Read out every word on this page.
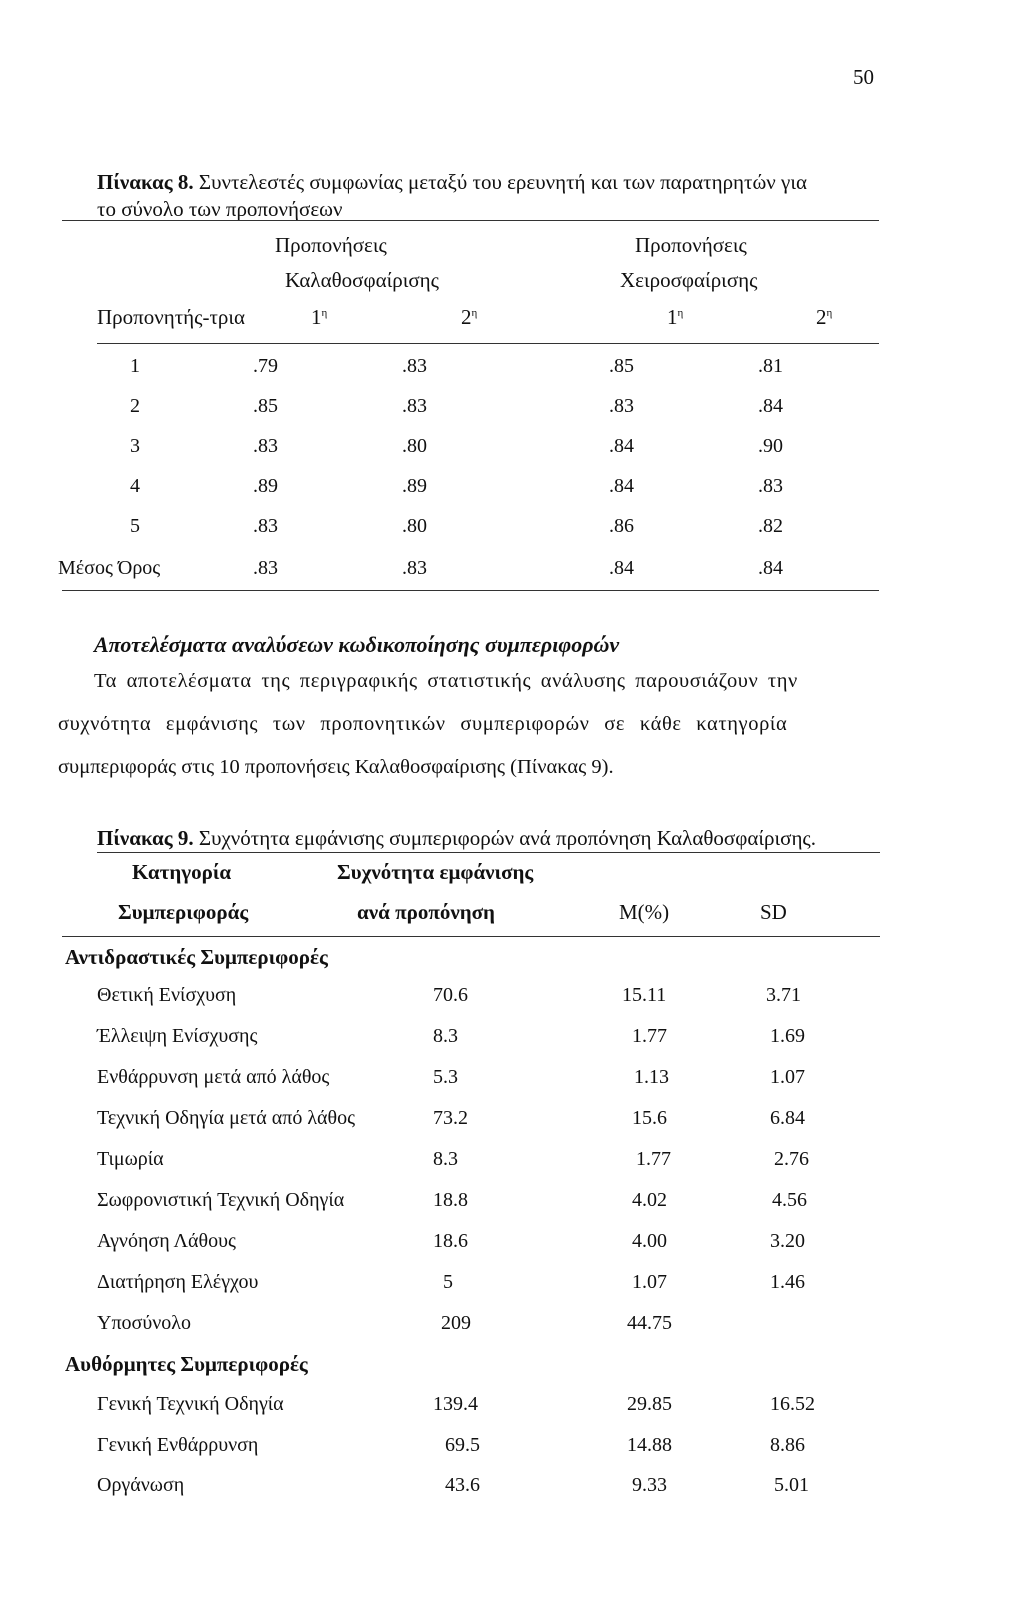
50
Πίνακας 8. Συντελεστές συμφωνίας μεταξύ του ερευνητή και των παρατηρητών για
το σύνολο των προπονήσεων
Προπονήσεις
Καλαθοσφαίρισης
Προπονήσεις
Χειροσφαίρισης
Προπονητής-τρια	$1^\eta$	$2^\eta$	$1^\eta$	$2^\eta$
1	.79	.83	.85	.81
2	.85	.83	.83	.84
3	.83	.80	.84	.90
4	.89	.89	.84	.83
5	.83	.80	.86	.82
Μέσος Όρος	.83	.83	.84	.84
Αποτελέσματα αναλύσεων κωδικοποίησης συμπεριφορών
Τα αποτελέσματα της περιγραφικής στατιστικής ανάλυσης παρουσιάζουν την
συχνότητα εμφάνισης των προπονητικών συμπεριφορών σε κάθε κατηγορία
συμπεριφοράς στις 10 προπονήσεις Καλαθοσφαίρισης (Πίνακας 9).
Πίνακας 9. Συχνότητα εμφάνισης συμπεριφορών ανά προπόνηση Καλαθοσφαίρισης.
Κατηγορία
Συμπεριφοράς
Συχνότητα εμφάνισης
ανά προπόνηση	Μ(%)	SD
Αντιδραστικές Συμπεριφορές
Θετική Ενίσχυση	70.6	15.11	3.71
Έλλειψη Ενίσχυσης	8.3	1.77	1.69
Ενθάρρυνση μετά από λάθος	5.3	1.13	1.07
Τεχνική Οδηγία μετά από λάθος	73.2	15.6	6.84
Τιμωρία	8.3	1.77	2.76
Σωφρονιστική Τεχνική Οδηγία	18.8	4.02	4.56
Αγνόηση Λάθους	18.6	4.00	3.20
Διατήρηση Ελέγχου	5	1.07	1.46
Υποσύνολο	209	44.75
Αυθόρμητες Συμπεριφορές
Γενική Τεχνική Οδηγία	139.4	29.85	16.52
Γενική Ενθάρρυνση	69.5	14.88	8.86
Οργάνωση	43.6	9.33	5.01
